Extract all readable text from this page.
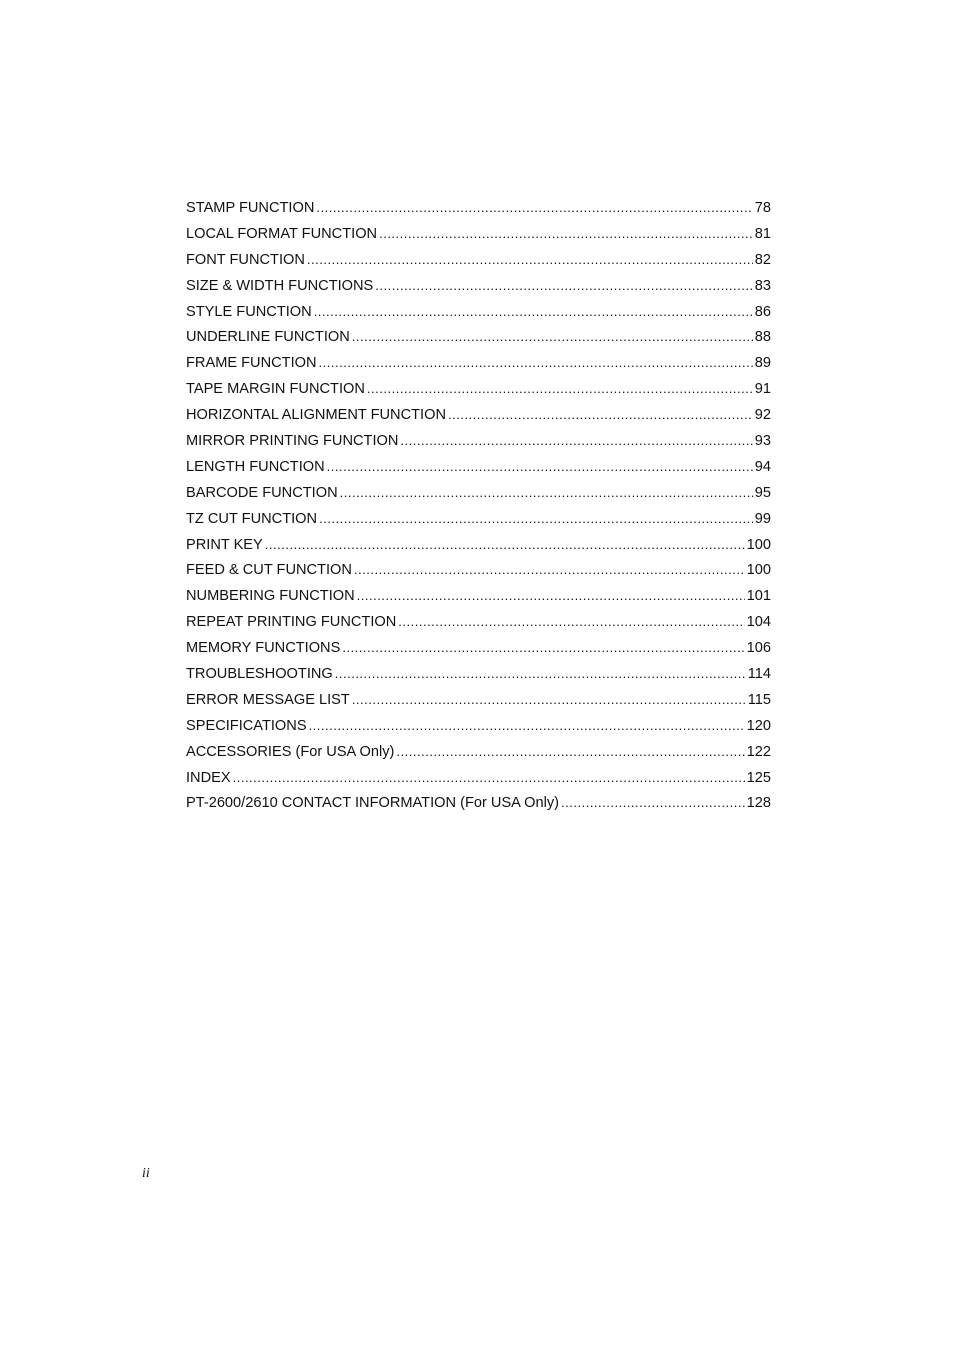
STAMP FUNCTION .....	78
LOCAL FORMAT FUNCTION .....	81
FONT FUNCTION .....	82
SIZE & WIDTH FUNCTIONS .....	83
STYLE FUNCTION .....	86
UNDERLINE FUNCTION .....	88
FRAME FUNCTION .....	89
TAPE MARGIN FUNCTION .....	91
HORIZONTAL ALIGNMENT FUNCTION .....	92
MIRROR PRINTING FUNCTION .....	93
LENGTH FUNCTION .....	94
BARCODE FUNCTION .....	95
TZ CUT FUNCTION .....	99
PRINT KEY .....	100
FEED & CUT FUNCTION .....	100
NUMBERING FUNCTION .....	101
REPEAT PRINTING FUNCTION .....	104
MEMORY FUNCTIONS .....	106
TROUBLESHOOTING .....	114
ERROR MESSAGE LIST .....	115
SPECIFICATIONS .....	120
ACCESSORIES (For USA Only) .....	122
INDEX .....	125
PT-2600/2610 CONTACT INFORMATION (For USA Only) .....	128
ii
